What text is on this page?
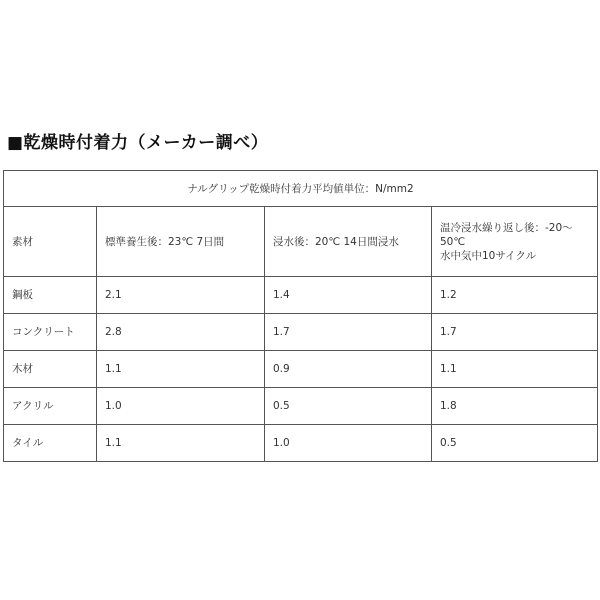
■乾燥時付着力（メーカー調べ）
ナルグリップ乾燥時付着力平均値単位：N/mm2			
素材	標準養生後：23℃ 7日間	浸水後：20℃ 14日間浸水	温冷浸水繰り返し後：-20～50℃
水中気中10サイクル

鋼板	2.1	1.4	1.2
コンクリート	2.8	1.7	1.7
木材	1.1	0.9	1.1
アクリル	1.0	0.5	1.8
タイル	1.1	1.0	0.5
